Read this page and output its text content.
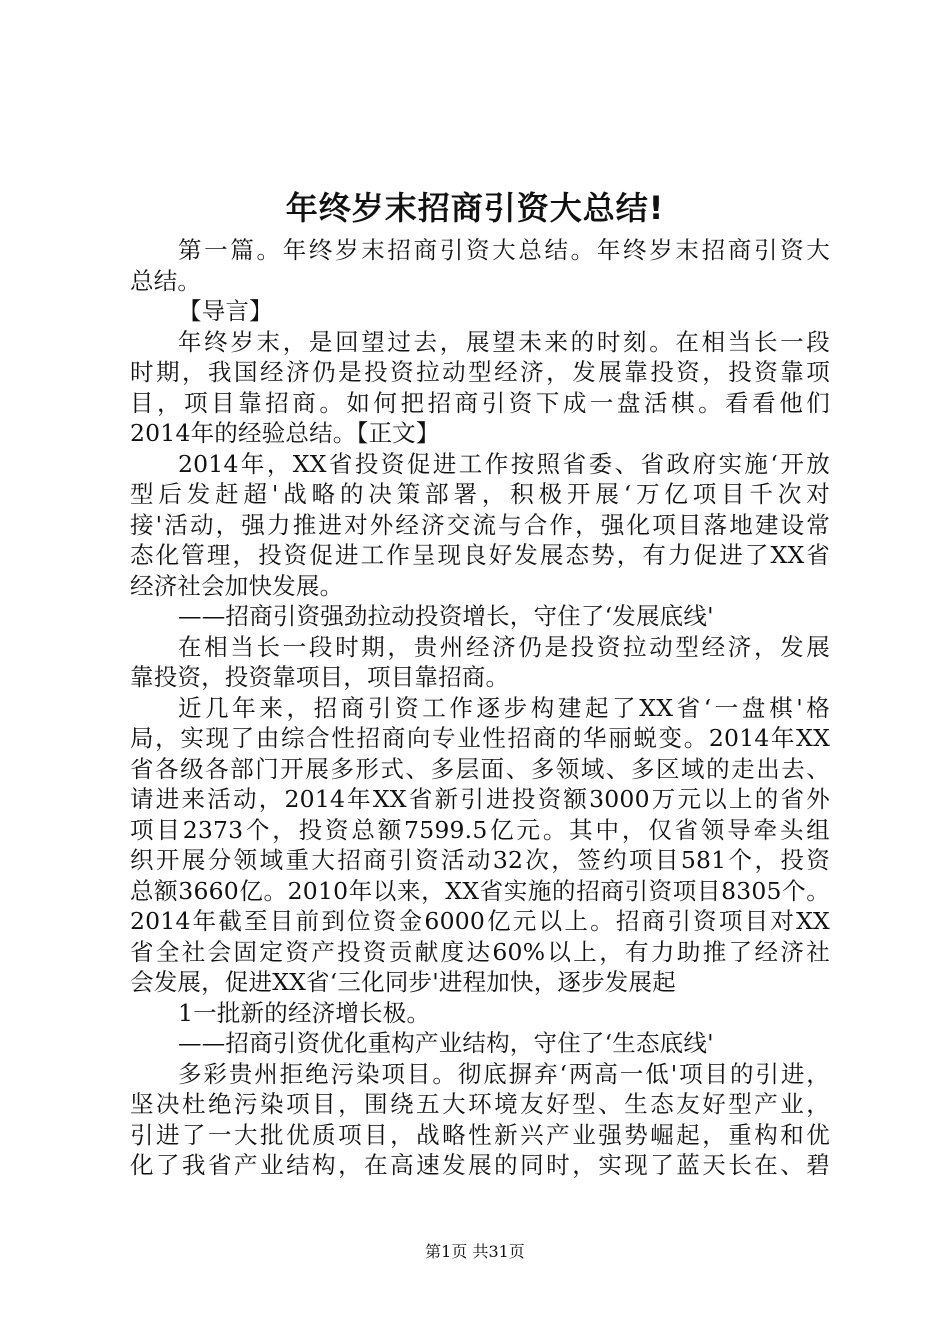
年终岁末招商引资大总结!
第一篇。年终岁末招商引资大总结。年终岁末招商引资大
总结。
【导言】
年终岁末，是回望过去，展望未来的时刻。在相当长一段
时期，我国经济仍是投资拉动型经济，发展靠投资，投资靠项
目，项目靠招商。如何把招商引资下成一盘活棋。看看他们
2014年的经验总结。【正文】
2014年，XX省投资促进工作按照省委、省政府实施‘开放
型后发赶超'战略的决策部署，积极开展‘万亿项目千次对
接'活动，强力推进对外经济交流与合作，强化项目落地建设常
态化管理，投资促进工作呈现良好发展态势，有力促进了XX省
经济社会加快发展。
——招商引资强劲拉动投资增长，守住了‘发展底线'
在相当长一段时期，贵州经济仍是投资拉动型经济，发展
靠投资，投资靠项目，项目靠招商。
近几年来，招商引资工作逐步构建起了XX省‘一盘棋'格
局，实现了由综合性招商向专业性招商的华丽蜕变。2014年XX
省各级各部门开展多形式、多层面、多领域、多区域的走出去、
请进来活动，2014年XX省新引进投资额3000万元以上的省外
项目2373个，投资总额7599.5亿元。其中，仅省领导牵头组
织开展分领域重大招商引资活动32次，签约项目581个，投资
总额3660亿。2010年以来，XX省实施的招商引资项目8305个。
2014年截至目前到位资金6000亿元以上。招商引资项目对XX
省全社会固定资产投资贡献度达60%以上，有力助推了经济社
会发展，促进XX省‘三化同步'进程加快，逐步发展起
1一批新的经济增长极。
——招商引资优化重构产业结构，守住了‘生态底线'
多彩贵州拒绝污染项目。彻底摒弃‘两高一低'项目的引进，
坚决杜绝污染项目，围绕五大环境友好型、生态友好型产业，
引进了一大批优质项目，战略性新兴产业强势崛起，重构和优
化了我省产业结构，在高速发展的同时，实现了蓝天长在、碧
第1页 共31页
